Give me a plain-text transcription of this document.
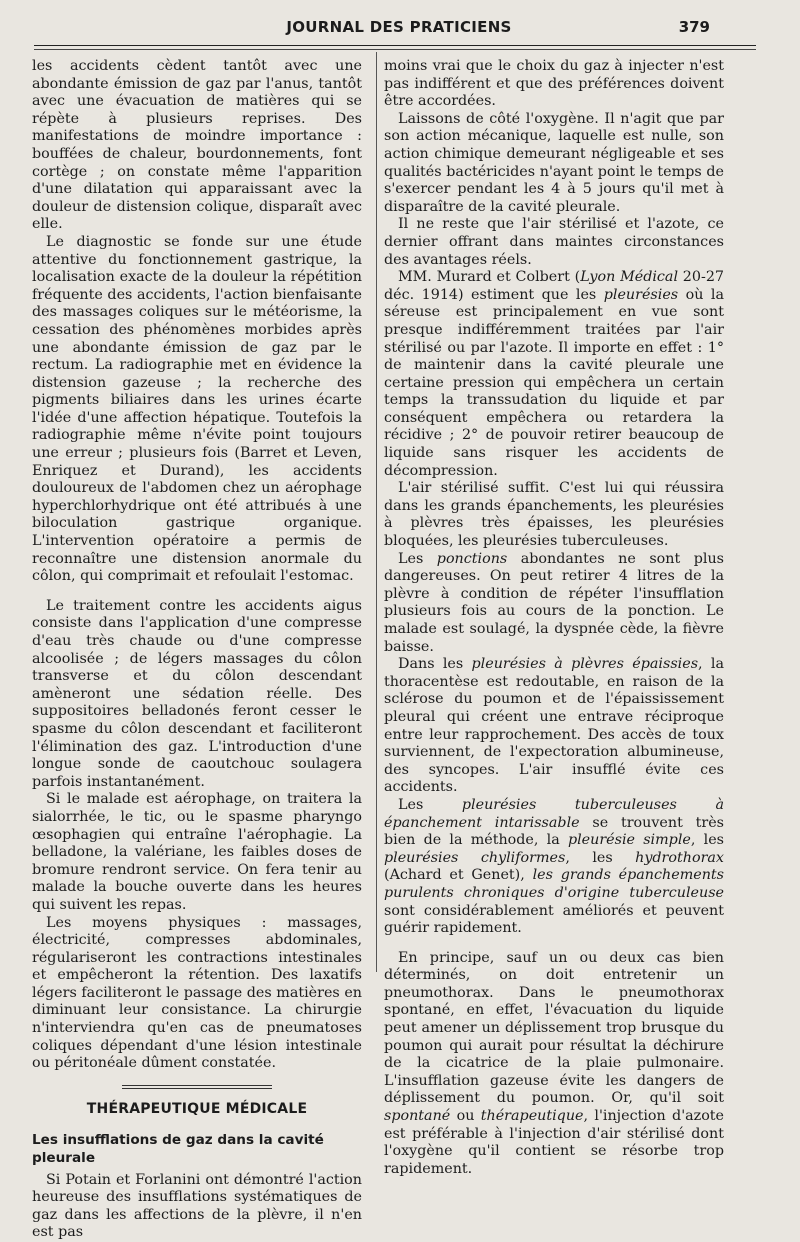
JOURNAL DES PRATICIENS	379

les accidents cèdent tantôt avec une abondante émission de gaz par l'anus, tantôt avec une évacuation de matières qui se répète à plusieurs reprises. Des manifestations de moindre importance : bouffées de chaleur, bourdonnements, font cortège ; on constate même l'apparition d'une dilatation qui apparaissant avec la douleur de distension colique, disparaît avec elle.

Le diagnostic se fonde sur une étude attentive du fonctionnement gastrique, la localisation exacte de la douleur la répétition fréquente des accidents, l'action bienfaisante des massages coliques sur le météorisme, la cessation des phénomènes morbides après une abondante émission de gaz par le rectum. La radiographie met en évidence la distension gazeuse ; la recherche des pigments biliaires dans les urines écarte l'idée d'une affection hépatique. Toutefois la radiographie même n'évite point toujours une erreur ; plusieurs fois (Barret et Leven, Enriquez et Durand), les accidents douloureux de l'abdomen chez un aérophage hyperchlorhydrique ont été attribués à une biloculation gastrique organique. L'intervention opératoire a permis de reconnaître une distension anormale du côlon, qui comprimait et refoulait l'estomac.

Le traitement contre les accidents aigus consiste dans l'application d'une compresse d'eau très chaude ou d'une compresse alcoolisée ; de légers massages du côlon transverse et du côlon descendant amèneront une sédation réelle. Des suppositoires belladonés feront cesser le spasme du côlon descendant et faciliteront l'élimination des gaz. L'introduction d'une longue sonde de caoutchouc soulagera parfois instantanément.

Si le malade est aérophage, on traitera la sialorrhée, le tic, ou le spasme pharyngo œsophagien qui entraîne l'aérophagie. La belladone, la valériane, les faibles doses de bromure rendront service. On fera tenir au malade la bouche ouverte dans les heures qui suivent les repas.

Les moyens physiques : massages, électricité, compresses abdominales, régulariseront les contractions intestinales et empêcheront la rétention. Des laxatifs légers faciliteront le passage des matières en diminuant leur consistance. La chirurgie n'interviendra qu'en cas de pneumatoses coliques dépendant d'une lésion intestinale ou péritonéale dûment constatée.

THÉRAPEUTIQUE MÉDICALE
Les insufflations de gaz dans la cavité pleurale

Si Potain et Forlanini ont démontré l'action heureuse des insufflations systématiques de gaz dans les affections de la plèvre, il n'en est pas

moins vrai que le choix du gaz à injecter n'est pas indifférent et que des préférences doivent être accordées.

Laissons de côté l'oxygène. Il n'agit que par son action mécanique, laquelle est nulle, son action chimique demeurant négligeable et ses qualités bactéricides n'ayant point le temps de s'exercer pendant les 4 à 5 jours qu'il met à disparaître de la cavité pleurale.

Il ne reste que l'air stérilisé et l'azote, ce dernier offrant dans maintes circonstances des avantages réels.

MM. Murard et Colbert (Lyon Médical 20-27 déc. 1914) estiment que les pleurésies où la séreuse est principalement en vue sont presque indifféremment traitées par l'air stérilisé ou par l'azote. Il importe en effet : 1° de maintenir dans la cavité pleurale une certaine pression qui empêchera un certain temps la transsudation du liquide et par conséquent empêchera ou retardera la récidive ; 2° de pouvoir retirer beaucoup de liquide sans risquer les accidents de décompression.

L'air stérilisé suffit. C'est lui qui réussira dans les grands épanchements, les pleurésies à plèvres très épaisses, les pleurésies bloquées, les pleurésies tuberculeuses.

Les ponctions abondantes ne sont plus dangereuses. On peut retirer 4 litres de la plèvre à condition de répéter l'insufflation plusieurs fois au cours de la ponction. Le malade est soulagé, la dyspnée cède, la fièvre baisse.

Dans les pleurésies à plèvres épaissies, la thoracentèse est redoutable, en raison de la sclérose du poumon et de l'épaississement pleural qui créent une entrave réciproque entre leur rapprochement. Des accès de toux surviennent, de l'expectoration albumineuse, des syncopes. L'air insufflé évite ces accidents.

Les pleurésies tuberculeuses à épanchement intarissable se trouvent très bien de la méthode, la pleurésie simple, les pleurésies chyliformes, les hydrothorax (Achard et Genet), les grands épanchements purulents chroniques d'origine tuberculeuse sont considérablement améliorés et peuvent guérir rapidement.

En principe, sauf un ou deux cas bien déterminés, on doit entretenir un pneumothorax. Dans le pneumothorax spontané, en effet, l'évacuation du liquide peut amener un déplissement trop brusque du poumon qui aurait pour résultat la déchirure de la cicatrice de la plaie pulmonaire. L'insufflation gazeuse évite les dangers de déplissement du poumon. Or, qu'il soit spontané ou thérapeutique, l'injection d'azote est préférable à l'injection d'air stérilisé dont l'oxygène qu'il contient se résorbe trop rapidement.
